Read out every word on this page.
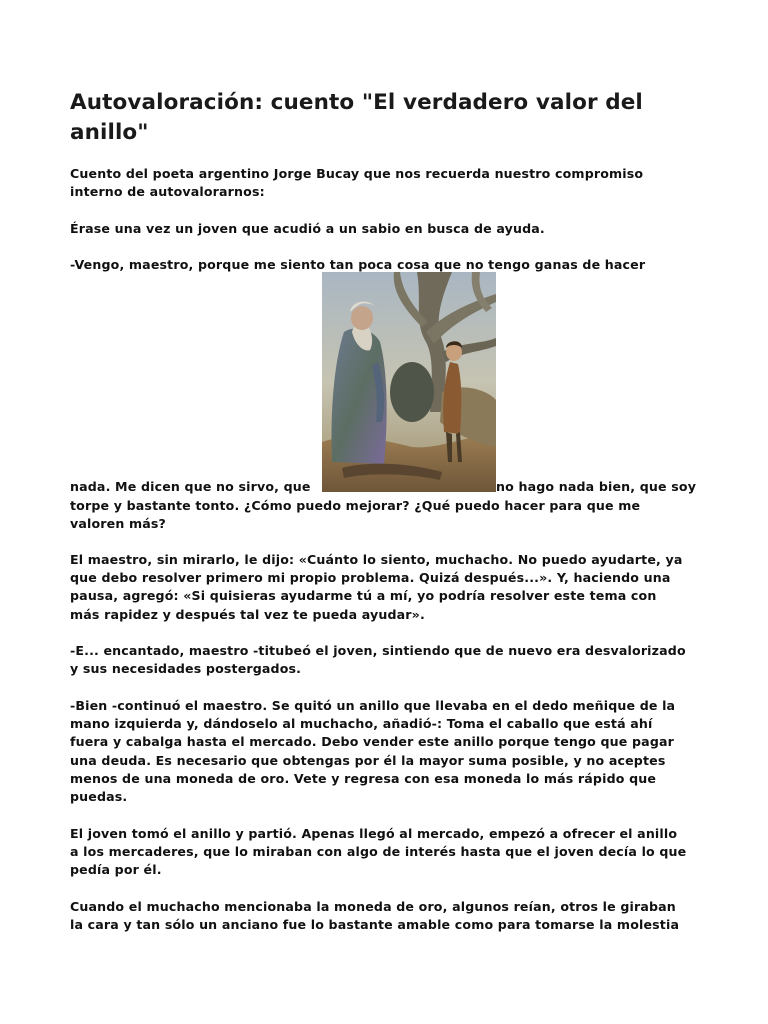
Autovaloración: cuento "El verdadero valor del
anillo"

Cuento del poeta argentino Jorge Bucay que nos recuerda nuestro compromiso
interno de autovalorarnos:

Érase una vez un joven que acudió a un sabio en busca de ayuda.

-Vengo, maestro, porque me siento tan poca cosa que no tengo ganas de hacer

nada. Me dicen que no sirvo, que	no hago nada bien, que soy

torpe y bastante tonto. ¿Cómo puedo mejorar? ¿Qué puedo hacer para que me
valoren más?

El maestro, sin mirarlo, le dijo: «Cuánto lo siento, muchacho. No puedo ayudarte, ya
que debo resolver primero mi propio problema. Quizá después...». Y, haciendo una
pausa, agregó: «Si quisieras ayudarme tú a mí, yo podría resolver este tema con
más rapidez y después tal vez te pueda ayudar».

-E... encantado, maestro -titubeó el joven, sintiendo que de nuevo era desvalorizado
y sus necesidades postergados.

-Bien -continuó el maestro. Se quitó un anillo que llevaba en el dedo meñique de la
mano izquierda y, dándoselo al muchacho, añadió-: Toma el caballo que está ahí
fuera y cabalga hasta el mercado. Debo vender este anillo porque tengo que pagar
una deuda. Es necesario que obtengas por él la mayor suma posible, y no aceptes
menos de una moneda de oro. Vete y regresa con esa moneda lo más rápido que
puedas.

El joven tomó el anillo y partió. Apenas llegó al mercado, empezó a ofrecer el anillo
a los mercaderes, que lo miraban con algo de interés hasta que el joven decía lo que
pedía por él.

Cuando el muchacho mencionaba la moneda de oro, algunos reían, otros le giraban
la cara y tan sólo un anciano fue lo bastante amable como para tomarse la molestia
